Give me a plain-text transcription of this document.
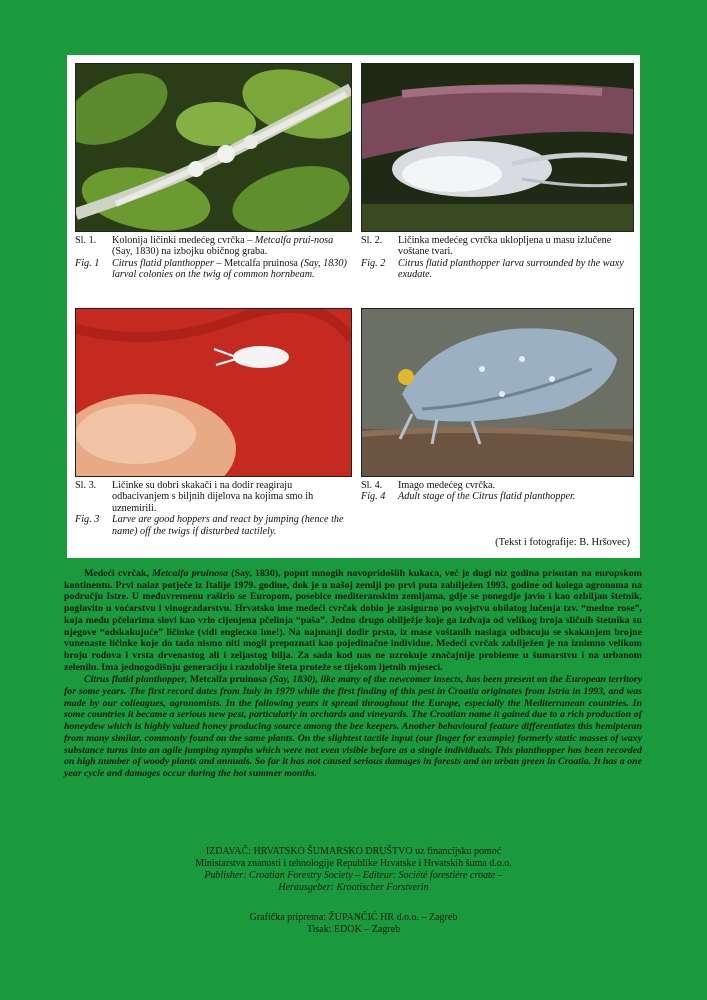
Sl. 1.	Kolonija ličinki medećeg cvrčka – Metcalfa prui-nosa (Say, 1830) na izbojku običnog graba.
Fig. 1	Citrus flatid planthopper – Metcalfa pruinosa (Say, 1830) larval colonies on the twig of common hornbeam.
Sl. 2.	Ličinka medećeg cvrčka uklopljena u masu izlučene voštane tvari.
Fig. 2	Citrus flatid planthopper larva surrounded by the waxy exudate.
Sl. 3.	Ličinke su dobri skakači i na dodir reagiraju odbacivanjem s biljnih dijelova na kojima smo ih uznemirili.
Fig. 3	Larve are good hoppers and react by jumping (hence the name) off the twigs if disturbed tactilely.
Sl. 4.	Imago medećeg cvrčka.
Fig. 4	Adult stage of the Citrus flatid planthopper.
(Tekst i fotografije: B. Hršovec)

Medeći cvrčak, Metcalfa pruinosa (Say, 1830), poput mnogih novopridošlih kukaca, već je dugi niz godina prisutan na europskom kontinentu. Prvi nalaz potječe iz Italije 1979. godine, dok je u našoj zemlji po prvi puta zabilježen 1993. godine od kolega agronoma na području Istre. U međuvremenu raširio se Europom, posebice mediteranskim zemljama, gdje se ponegdje javio i kao ozbiljan štetnik, poglavito u voćarstvu i vinogradarstvu. Hrvatsko ime medeći cvrčak dobio je zasigurno po svojstvu obilatog lučenja tzv. “medne rose”, koja među pčelarima slovi kao vrlo cijenjena pčelinja “paša”. Jedno drugo obilježje koje ga izdvaja od velikog broja sličnih štetnika su njegove “odskakujuće” ličinke (vidi engleско ime!). Na najmanji dodir prsta, iz mase voštanih naslaga odbacuju se skakanjem brojne vunenaste ličinke koje do tada nismo niti mogli prepoznati kao pojedinačne individue. Medeći cvrčak zabilježen je na iznimno velikom broju rodova i vrsta drvenastog ali i zeljastog bilja. Za sada kod nas ne uzrokuje značajnije probleme u šumarstvu i na urbanom zelenilu. Ima jednogodišnju generaciju i razdoblje šteta proteže se tijekom ljetnih mjeseci.

Citrus flatid planthopper, Metcalfa pruinosa (Say, 1830), like many of the newcomer insects, has been present on the European territory for some years. The first record dates from Italy in 1979 while the first finding of this pest in Croatia originates from Istria in 1993, and was made by our colleagues, agronomists. In the following years it spread throughout the Europe, especially the Mediterranean countries. In some countries it became a serious new pest, particularly in orchards and vineyards. The Croatian name it gained due to a rich production of honeydew which is highly valued honey producing source among the bee keepers. Another behavioural feature differentiates this hemipteran from many similar, commonly found on the same plants. On the slightest tactile input (our finger for example) formerly static masses of waxy substance turns into an agile jumping nymphs which were not even visible before as a single individuals. This planthopper has been recorded on high number of woody plants and annuals. So far it has not caused serious damages in forests and on urban green in Croatia. It has a one year cycle and damages occur during the hot summer months.

IZDAVAČ: HRVATSKO ŠUMARSKO DRUŠTVO uz financijsku pomoć
Ministarstva znanosti i tehnologije Republike Hrvatske i Hrvatskih šuma d.o.o.
Publisher: Croatian Forestry Society – Editeur: Société forestière croate –
Herausgeber: Kroatischer Forstverin
Grafička priprema: ŽUPANČIĆ HR d.o.o. – Zagreb
Tisak: EDOK – Zagreb
